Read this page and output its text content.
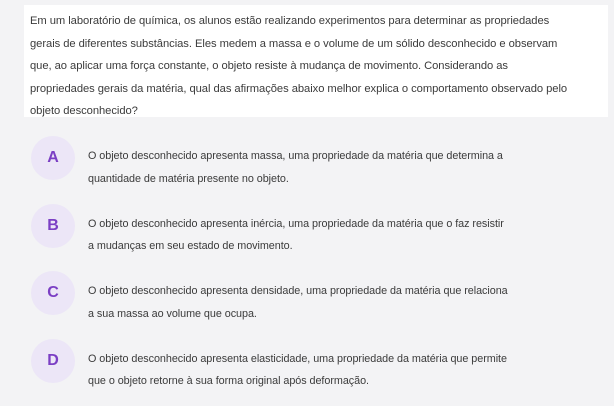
Em um laboratório de química, os alunos estão realizando experimentos para determinar as propriedades
gerais de diferentes substâncias. Eles medem a massa e o volume de um sólido desconhecido e observam
que, ao aplicar uma força constante, o objeto resiste à mudança de movimento. Considerando as
propriedades gerais da matéria, qual das afirmações abaixo melhor explica o comportamento observado pelo
objeto desconhecido?

A	O objeto desconhecido apresenta massa, uma propriedade da matéria que determina a
quantidade de matéria presente no objeto.
B	O objeto desconhecido apresenta inércia, uma propriedade da matéria que o faz resistir
a mudanças em seu estado de movimento.
C	O objeto desconhecido apresenta densidade, uma propriedade da matéria que relaciona
a sua massa ao volume que ocupa.
D	O objeto desconhecido apresenta elasticidade, uma propriedade da matéria que permite
que o objeto retorne à sua forma original após deformação.
